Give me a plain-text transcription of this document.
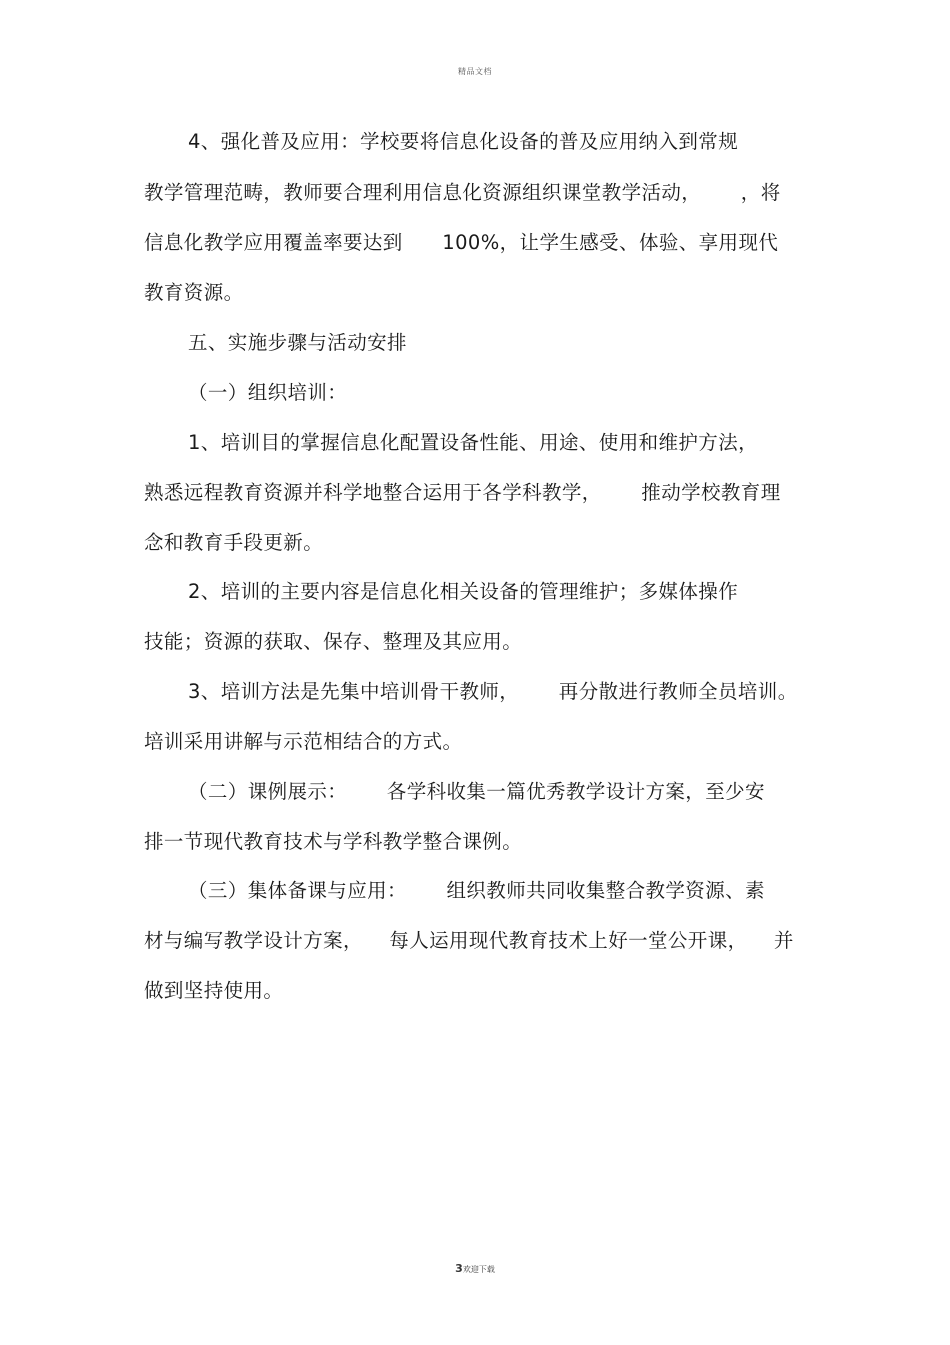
精品文档
4、强化普及应用：学校要将信息化设备的普及应用纳入到常规
教学管理范畴，教师要合理利用信息化资源组织课堂教学活动，      ，将
信息化教学应用覆盖率要达到      100%，让学生感受、体验、享用现代
教育资源。
五、实施步骤与活动安排
（一）组织培训：
1、培训目的掌握信息化配置设备性能、用途、使用和维护方法，
熟悉远程教育资源并科学地整合运用于各学科教学，      推动学校教育理
念和教育手段更新。
2、培训的主要内容是信息化相关设备的管理维护；多媒体操作
技能；资源的获取、保存、整理及其应用。
3、培训方法是先集中培训骨干教师，      再分散进行教师全员培训。
培训采用讲解与示范相结合的方式。
（二）课例展示：      各学科收集一篇优秀教学设计方案，至少安
排一节现代教育技术与学科教学整合课例。
（三）集体备课与应用：      组织教师共同收集整合教学资源、素
材与编写教学设计方案，    每人运用现代教育技术上好一堂公开课，    并
做到坚持使用。
3欢迎下载
